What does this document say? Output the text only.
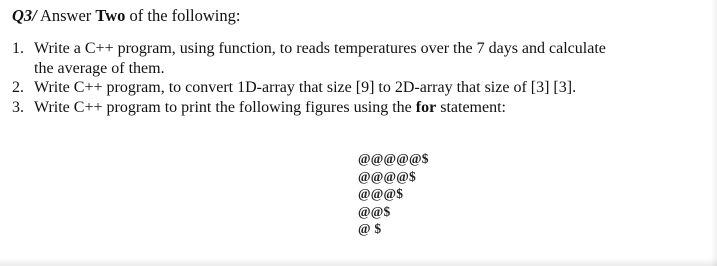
Q3/ Answer Two of the following:
1. Write a C++ program, using function, to reads temperatures over the 7 days and calculate
the average of them.
2. Write C++ program, to convert 1D-array that size [9] to 2D-array that size of [3] [3].
3. Write C++ program to print the following figures using the for statement:
@@@@@$
@@@@$
@@@$
@@$
@ $
